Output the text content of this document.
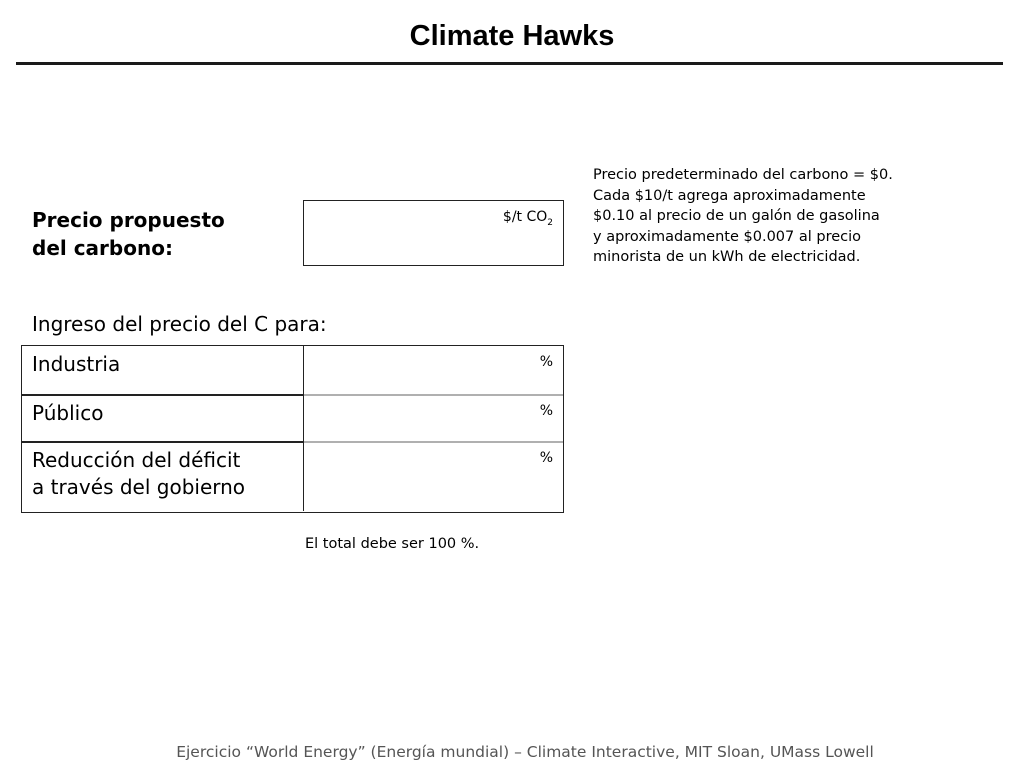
Climate Hawks
Precio propuesto
del carbono:
$/t $CO_2$
Precio predeterminado del carbono = $0.
Cada $10/t agrega aproximadamente
$0.10 al precio de un galón de gasolina
y aproximadamente $0.007 al precio
minorista de un kWh de electricidad.
Ingreso del precio del C para:
Industria	%
Público	%
Reducción del déficit
a través del gobierno
%
El total debe ser 100 %.
Ejercicio “World Energy” (Energía mundial) – Climate Interactive, MIT Sloan, UMass Lowell
